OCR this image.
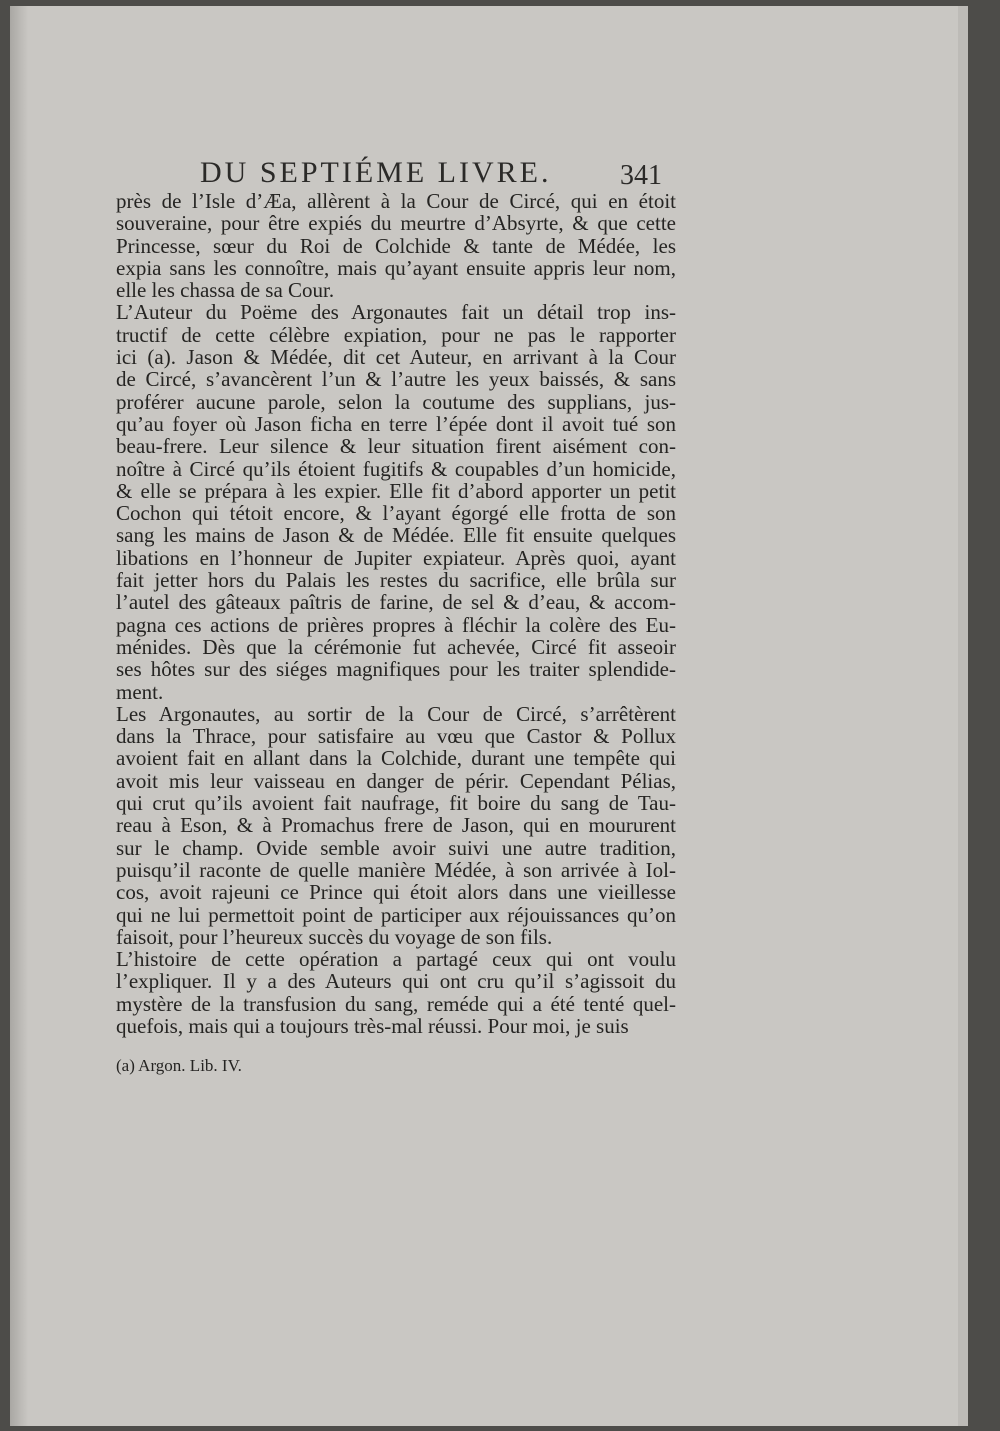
DU SEPTIÉME LIVRE. 341
près de l’Isle d’Æa, allèrent à la Cour de Circé, qui en étoit
souveraine, pour être expiés du meurtre d’Absyrte, & que cette
Princesse, sœur du Roi de Colchide & tante de Médée, les
expia sans les connoître, mais qu’ayant ensuite appris leur nom,
elle les chassa de sa Cour.
L’Auteur du Poëme des Argonautes fait un détail trop ins-
tructif de cette célèbre expiation, pour ne pas le rapporter
ici (a). Jason & Médée, dit cet Auteur, en arrivant à la Cour
de Circé, s’avancèrent l’un & l’autre les yeux baissés, & sans
proférer aucune parole, selon la coutume des supplians, jus-
qu’au foyer où Jason ficha en terre l’épée dont il avoit tué son
beau-frere. Leur silence & leur situation firent aisément con-
noître à Circé qu’ils étoient fugitifs & coupables d’un homicide,
& elle se prépara à les expier. Elle fit d’abord apporter un petit
Cochon qui tétoit encore, & l’ayant égorgé elle frotta de son
sang les mains de Jason & de Médée. Elle fit ensuite quelques
libations en l’honneur de Jupiter expiateur. Après quoi, ayant
fait jetter hors du Palais les restes du sacrifice, elle brûla sur
l’autel des gâteaux paîtris de farine, de sel & d’eau, & accom-
pagna ces actions de prières propres à fléchir la colère des Eu-
ménides. Dès que la cérémonie fut achevée, Circé fit asseoir
ses hôtes sur des siéges magnifiques pour les traiter splendide-
ment.
Les Argonautes, au sortir de la Cour de Circé, s’arrêtèrent
dans la Thrace, pour satisfaire au vœu que Castor & Pollux
avoient fait en allant dans la Colchide, durant une tempête qui
avoit mis leur vaisseau en danger de périr. Cependant Pélias,
qui crut qu’ils avoient fait naufrage, fit boire du sang de Tau-
reau à Eson, & à Promachus frere de Jason, qui en moururent
sur le champ. Ovide semble avoir suivi une autre tradition,
puisqu’il raconte de quelle manière Médée, à son arrivée à Iol-
cos, avoit rajeuni ce Prince qui étoit alors dans une vieillesse
qui ne lui permettoit point de participer aux réjouissances qu’on
faisoit, pour l’heureux succès du voyage de son fils.
L’histoire de cette opération a partagé ceux qui ont voulu
l’expliquer. Il y a des Auteurs qui ont cru qu’il s’agissoit du
mystère de la transfusion du sang, reméde qui a été tenté quel-
quefois, mais qui a toujours très-mal réussi. Pour moi, je suis
(a) Argon. Lib. IV.
